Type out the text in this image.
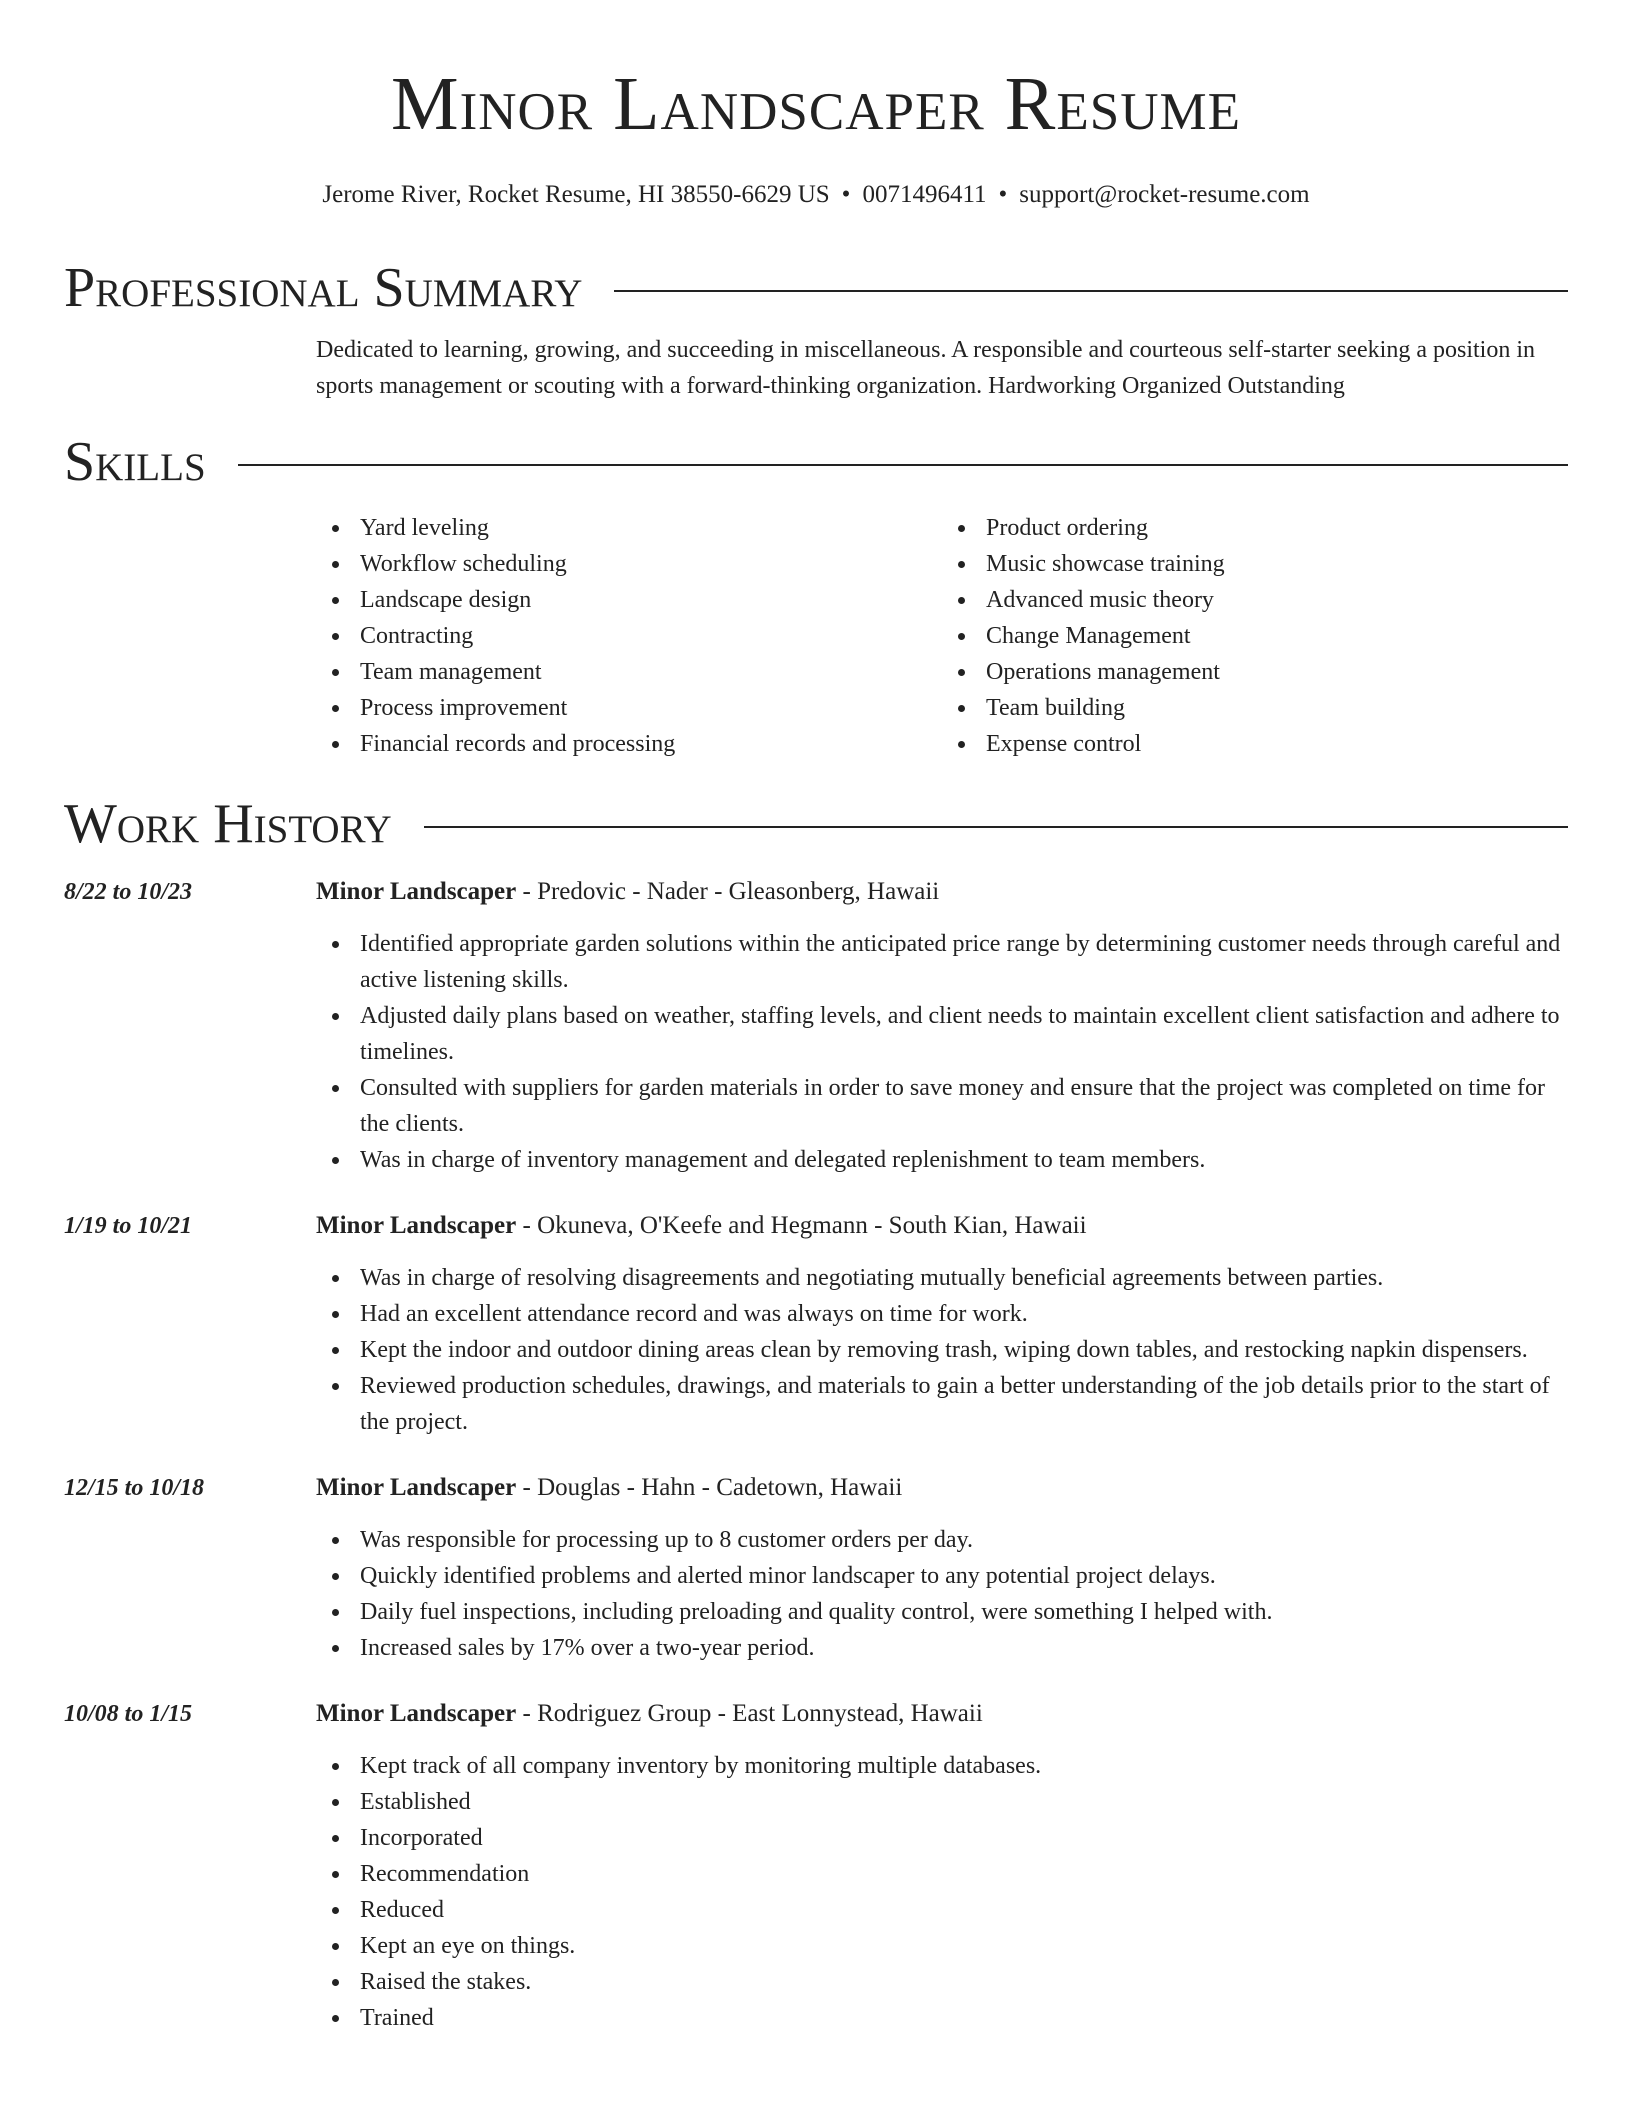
Minor Landscaper Resume
Jerome River, Rocket Resume, HI 38550-6629 US • 0071496411 • support@rocket-resume.com
Professional Summary
Dedicated to learning, growing, and succeeding in miscellaneous. A responsible and courteous self-starter seeking a position in sports management or scouting with a forward-thinking organization. Hardworking Organized Outstanding
Skills
Yard leveling
Workflow scheduling
Landscape design
Contracting
Team management
Process improvement
Financial records and processing
Product ordering
Music showcase training
Advanced music theory
Change Management
Operations management
Team building
Expense control
Work History
8/22 to 10/23	Minor Landscaper - Predovic - Nader - Gleasonberg, Hawaii
Identified appropriate garden solutions within the anticipated price range by determining customer needs through careful and active listening skills.
Adjusted daily plans based on weather, staffing levels, and client needs to maintain excellent client satisfaction and adhere to timelines.
Consulted with suppliers for garden materials in order to save money and ensure that the project was completed on time for the clients.
Was in charge of inventory management and delegated replenishment to team members.
1/19 to 10/21	Minor Landscaper - Okuneva, O'Keefe and Hegmann - South Kian, Hawaii
Was in charge of resolving disagreements and negotiating mutually beneficial agreements between parties.
Had an excellent attendance record and was always on time for work.
Kept the indoor and outdoor dining areas clean by removing trash, wiping down tables, and restocking napkin dispensers.
Reviewed production schedules, drawings, and materials to gain a better understanding of the job details prior to the start of the project.
12/15 to 10/18	Minor Landscaper - Douglas - Hahn - Cadetown, Hawaii
Was responsible for processing up to 8 customer orders per day.
Quickly identified problems and alerted minor landscaper to any potential project delays.
Daily fuel inspections, including preloading and quality control, were something I helped with.
Increased sales by 17% over a two-year period.
10/08 to 1/15	Minor Landscaper - Rodriguez Group - East Lonnystead, Hawaii
Kept track of all company inventory by monitoring multiple databases.
Established
Incorporated
Recommendation
Reduced
Kept an eye on things.
Raised the stakes.
Trained
